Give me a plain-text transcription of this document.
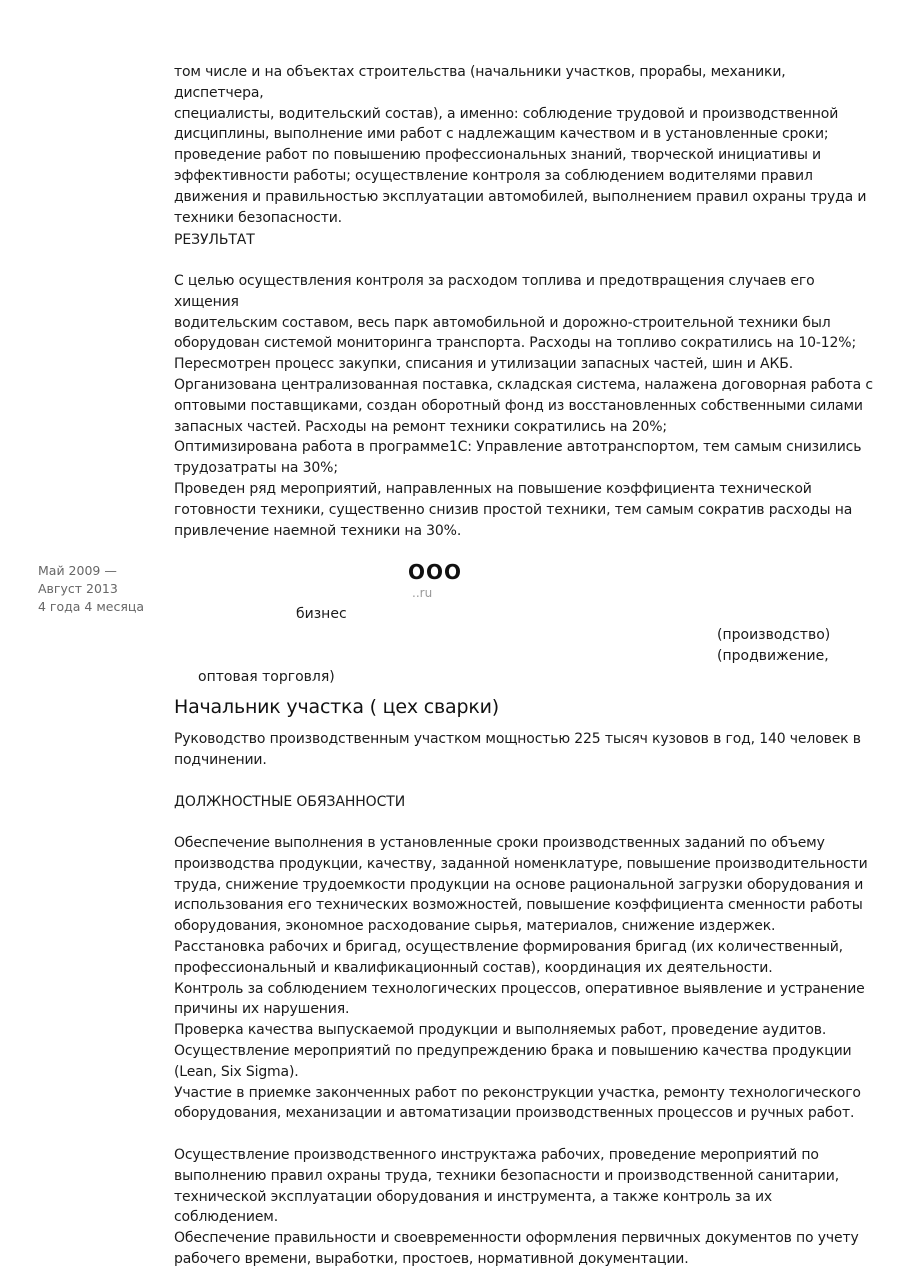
том числе и на объектах строительства (начальники участков, прорабы, механики, диспетчера,

специалисты, водительский состав), а именно: соблюдение трудовой и производственной

дисциплины, выполнение ими работ с надлежащим качеством и в установленные сроки;

проведение работ по повышению профессиональных знаний, творческой инициативы и

эффективности работы; осуществление контроля за соблюдением водителями правил

движения и правильностью эксплуатации автомобилей, выполнением правил охраны труда и

техники безопасности.

РЕЗУЛЬТАТ

С целью осуществления контроля за расходом топлива и предотвращения случаев его хищения

водительским составом, весь парк автомобильной и дорожно-строительной техники был

оборудован системой мониторинга транспорта. Расходы на топливо сократились на 10-12%;

Пересмотрен процесс закупки, списания и утилизации запасных частей, шин и АКБ.

Организована централизованная поставка, складская система, налажена договорная работа с

оптовыми поставщиками, создан оборотный фонд из восстановленных собственными силами

запасных частей. Расходы на ремонт техники сократились на 20%;

Оптимизирована работа в программе1С: Управление автотранспортом, тем самым снизились

трудозатраты на 30%;

Проведен ряд мероприятий, направленных на повышение коэффициента технической

готовности техники, существенно снизив простой техники, тем самым сократив расходы на

привлечение наемной техники на 30%.

Май 2009 —
Август 2013
4 года 4 месяца
ООО
..ru
бизнес
(производство)
(продвижение,
оптовая торговля)
Начальник участка ( цех сварки)

Руководство производственным участком мощностью 225 тысяч кузовов в год, 140 человек в

подчинении.

ДОЛЖНОСТНЫЕ ОБЯЗАННОСТИ

Обеспечение выполнения в установленные сроки производственных заданий по объему

производства продукции, качеству, заданной номенклатуре, повышение производительности

труда, снижение трудоемкости продукции на основе рациональной загрузки оборудования и

использования его технических возможностей, повышение коэффициента сменности работы

оборудования, экономное расходование сырья, материалов, снижение издержек.

Расстановка рабочих и бригад, осуществление формирования бригад (их количественный,

профессиональный и квалификационный состав), координация их деятельности.

Контроль за соблюдением технологических процессов, оперативное выявление и устранение

причины их нарушения.

Проверка качества выпускаемой продукции и выполняемых работ, проведение аудитов.

Осуществление мероприятий по предупреждению брака и повышению качества продукции

(Lean, Six Sigma).

Участие в приемке законченных работ по реконструкции участка, ремонту технологического

оборудования, механизации и автоматизации производственных процессов и ручных работ.

Осуществление производственного инструктажа рабочих, проведение мероприятий по

выполнению правил охраны труда, техники безопасности и производственной санитарии,

технической эксплуатации оборудования и инструмента, а также контроль за их соблюдением.

Обеспечение правильности и своевременности оформления первичных документов по учету

рабочего времени, выработки, простоев, нормативной документации.
